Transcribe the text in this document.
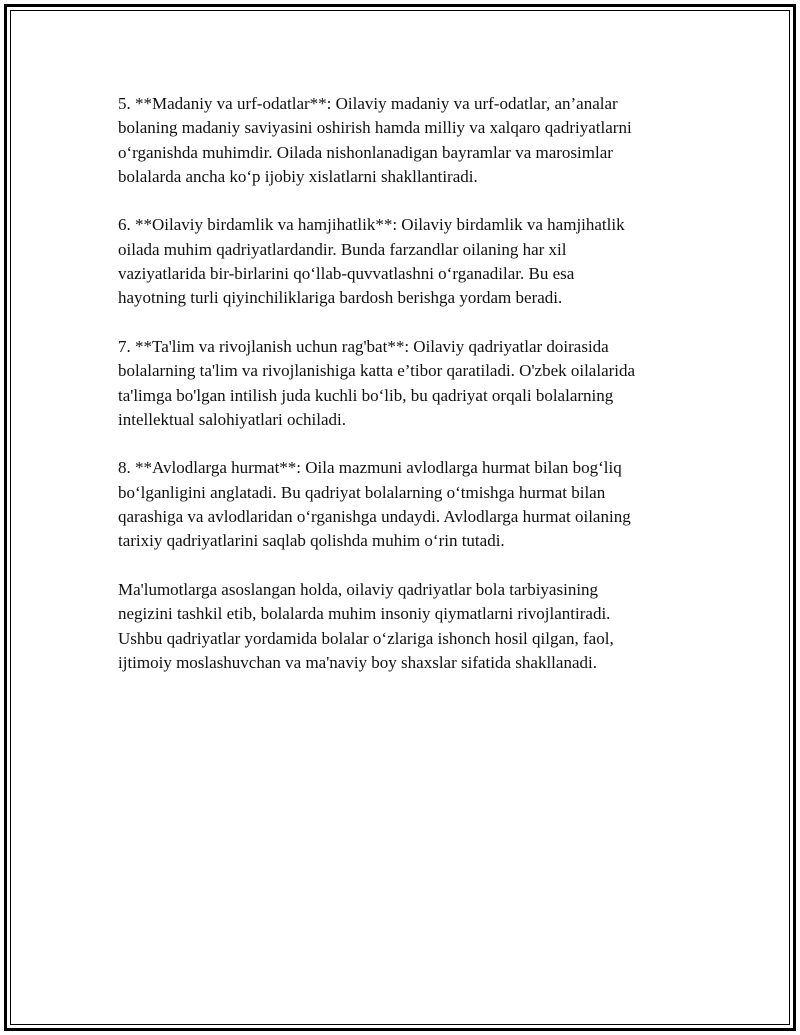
5. **Madaniy va urf-odatlar**: Oilaviy madaniy va urf-odatlar, an’analar
bolaning madaniy saviyasini oshirish hamda milliy va xalqaro qadriyatlarni
o‘rganishda muhimdir. Oilada nishonlanadigan bayramlar va marosimlar
bolalarda ancha ko‘p ijobiy xislatlarni shakllantiradi.

6. **Oilaviy birdamlik va hamjihatlik**: Oilaviy birdamlik va hamjihatlik
oilada muhim qadriyatlardandir. Bunda farzandlar oilaning har xil
vaziyatlarida bir-birlarini qo‘llab-quvvatlashni o‘rganadilar. Bu esa
hayotning turli qiyinchiliklariga bardosh berishga yordam beradi.

7. **Ta'lim va rivojlanish uchun rag'bat**: Oilaviy qadriyatlar doirasida
bolalarning ta'lim va rivojlanishiga katta e’tibor qaratiladi. O'zbek oilalarida
ta'limga bo'lgan intilish juda kuchli bo‘lib, bu qadriyat orqali bolalarning
intellektual salohiyatlari ochiladi.

8. **Avlodlarga hurmat**: Oila mazmuni avlodlarga hurmat bilan bog‘liq
bo‘lganligini anglatadi. Bu qadriyat bolalarning o‘tmishga hurmat bilan
qarashiga va avlodlaridan o‘rganishga undaydi. Avlodlarga hurmat oilaning
tarixiy qadriyatlarini saqlab qolishda muhim o‘rin tutadi.

Ma'lumotlarga asoslangan holda, oilaviy qadriyatlar bola tarbiyasining
negizini tashkil etib, bolalarda muhim insoniy qiymatlarni rivojlantiradi.
Ushbu qadriyatlar yordamida bolalar o‘zlariga ishonch hosil qilgan, faol,
ijtimoiy moslashuvchan va ma'naviy boy shaxslar sifatida shakllanadi.
